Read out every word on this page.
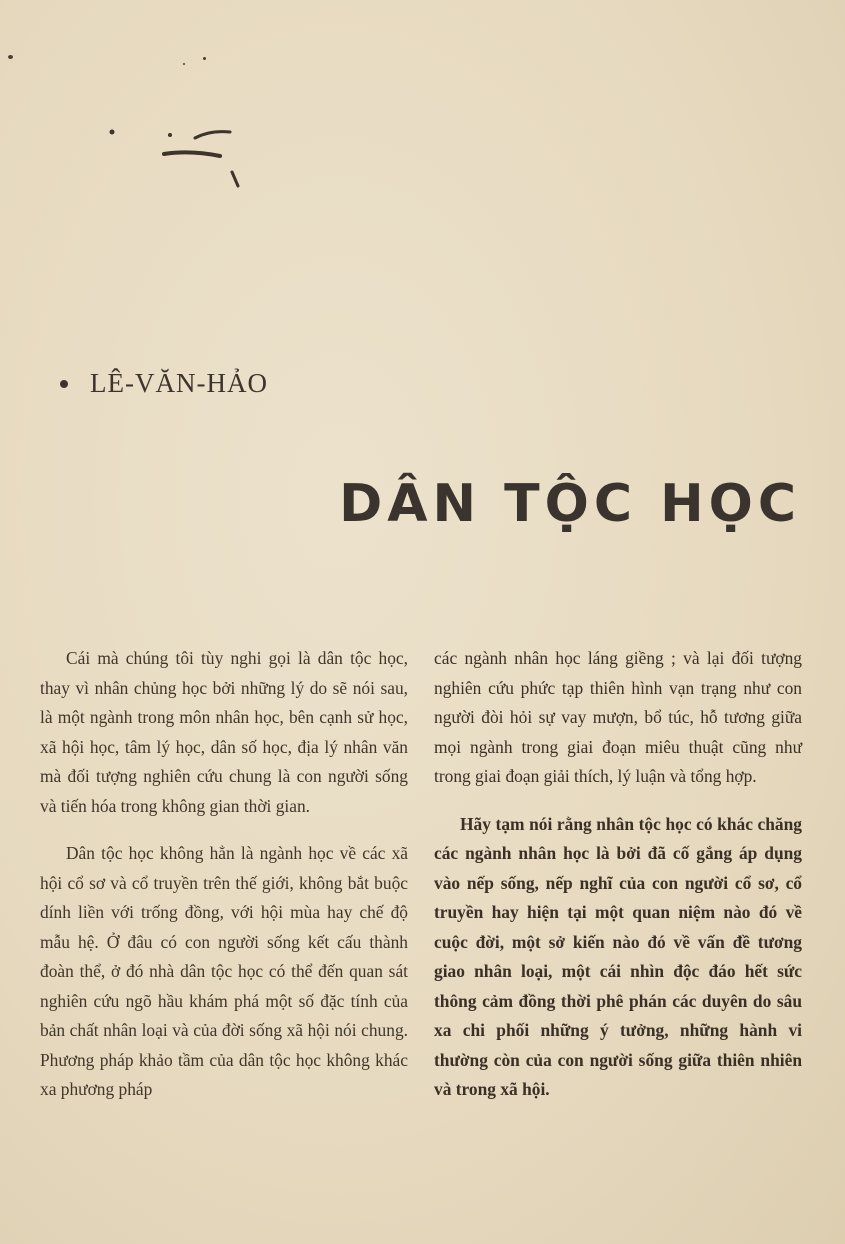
LÊ-VĂN-HẢO
DÂN TỘC HỌC

Cái mà chúng tôi tùy nghi gọi là dân tộc học, thay vì nhân chủng học bởi những lý do sẽ nói sau, là một ngành trong môn nhân học, bên cạnh sử học, xã hội học, tâm lý học, dân số học, địa lý nhân văn mà đối tượng nghiên cứu chung là con người sống và tiến hóa trong không gian thời gian.

Dân tộc học không hẳn là ngành học về các xã hội cổ sơ và cổ truyền trên thế giới, không bắt buộc dính liền với trống đồng, với hội mùa hay chế độ mẫu hệ. Ở đâu có con người sống kết cấu thành đoàn thể, ở đó nhà dân tộc học có thể đến quan sát nghiên cứu ngõ hầu khám phá một số đặc tính của bản chất nhân loại và của đời sống xã hội nói chung. Phương pháp khảo tầm của dân tộc học không khác xa phương pháp

các ngành nhân học láng giềng ; và lại đối tượng nghiên cứu phức tạp thiên hình vạn trạng như con người đòi hỏi sự vay mượn, bổ túc, hỗ tương giữa mọi ngành trong giai đoạn miêu thuật cũng như trong giai đoạn giải thích, lý luận và tổng hợp.

Hãy tạm nói rằng nhân tộc học có khác chăng các ngành nhân học là bởi đã cố gắng áp dụng vào nếp sống, nếp nghĩ của con người cổ sơ, cổ truyền hay hiện tại một quan niệm nào đó về cuộc đời, một sở kiến nào đó về vấn đề tương giao nhân loại, một cái nhìn độc đáo hết sức thông cảm đồng thời phê phán các duyên do sâu xa chi phối những ý tưởng, những hành vi thường còn của con người sống giữa thiên nhiên và trong xã hội.
